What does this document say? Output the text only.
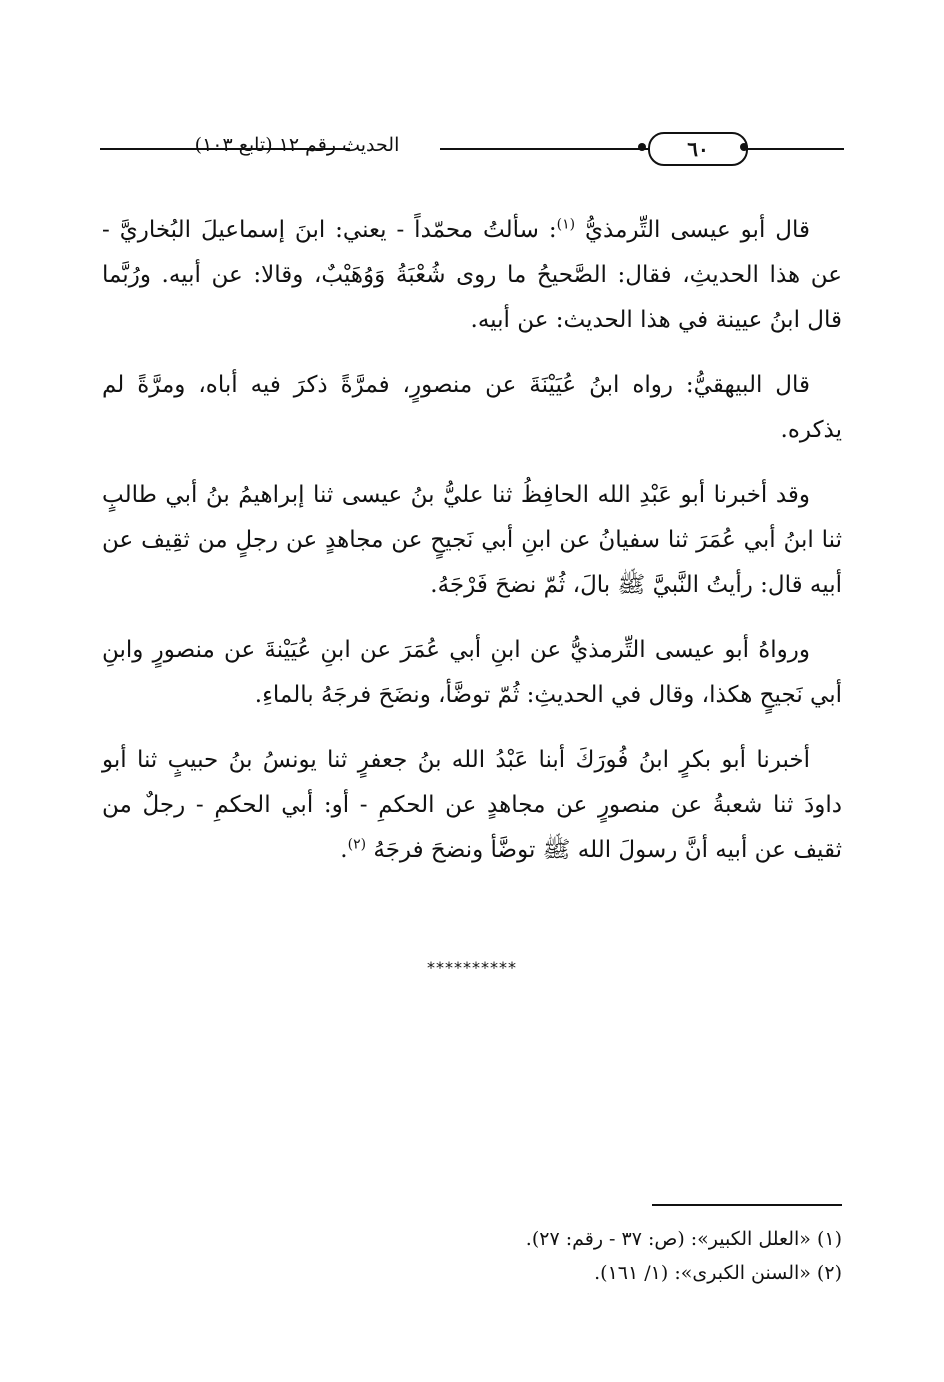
الحديث رقم ١٢ (تابع ١٠٣)	٦٠

قال أبو عيسى التِّرمذيُّ $^{(١)}$: سألتُ محمّداً - يعني: ابنَ إسماعيلَ البُخاريَّ - عن هذا الحديثِ، فقال: الصَّحيحُ ما روى شُعْبَةُ وَوُهَيْبٌ، وقالا: عن أبيه. ورُبَّما قال ابنُ عيينة في هذا الحديث: عن أبيه.

قال البيهقيُّ: رواه ابنُ عُيَيْنَةَ عن منصورٍ، فمرَّةً ذكرَ فيه أباه، ومرَّةً لم يذكره.

وقد أخبرنا أبو عَبْدِ الله الحافِظُ ثنا عليُّ بنُ عيسى ثنا إبراهيمُ بنُ أبي طالبٍ ثنا ابنُ أبي عُمَرَ ثنا سفيانُ عن ابنِ أبي نَجيحٍ عن مجاهدٍ عن رجلٍ من ثقِيف عن أبيه قال: رأيتُ النَّبيَّ ﷺ بالَ، ثُمّ نضحَ فَرْجَهُ.

ورواهُ أبو عيسى التِّرمذيُّ عن ابنِ أبي عُمَرَ عن ابنِ عُيَيْنةَ عن منصورٍ وابنِ أبي نَجيحٍ هكذا، وقال في الحديثِ: ثُمّ توضَّأ، ونضَحَ فرجَهُ بالماءِ.

أخبرنا أبو بكرٍ ابنُ فُورَكَ أبنا عَبْدُ الله بنُ جعفرٍ ثنا يونسُ بنُ حبيبٍ ثنا أبو داودَ ثنا شعبةُ عن منصورٍ عن مجاهدٍ عن الحكمِ - أو: أبي الحكمِ - رجلٌ من ثقيف عن أبيه أنَّ رسولَ الله ﷺ توضَّأ ونضحَ فرجَهُ $^{(٢)}$.

**********
(١) «العلل الكبير»: (ص: ٣٧ - رقم: ٢٧).
(٢) «السنن الكبرى»: (١/ ١٦١).
